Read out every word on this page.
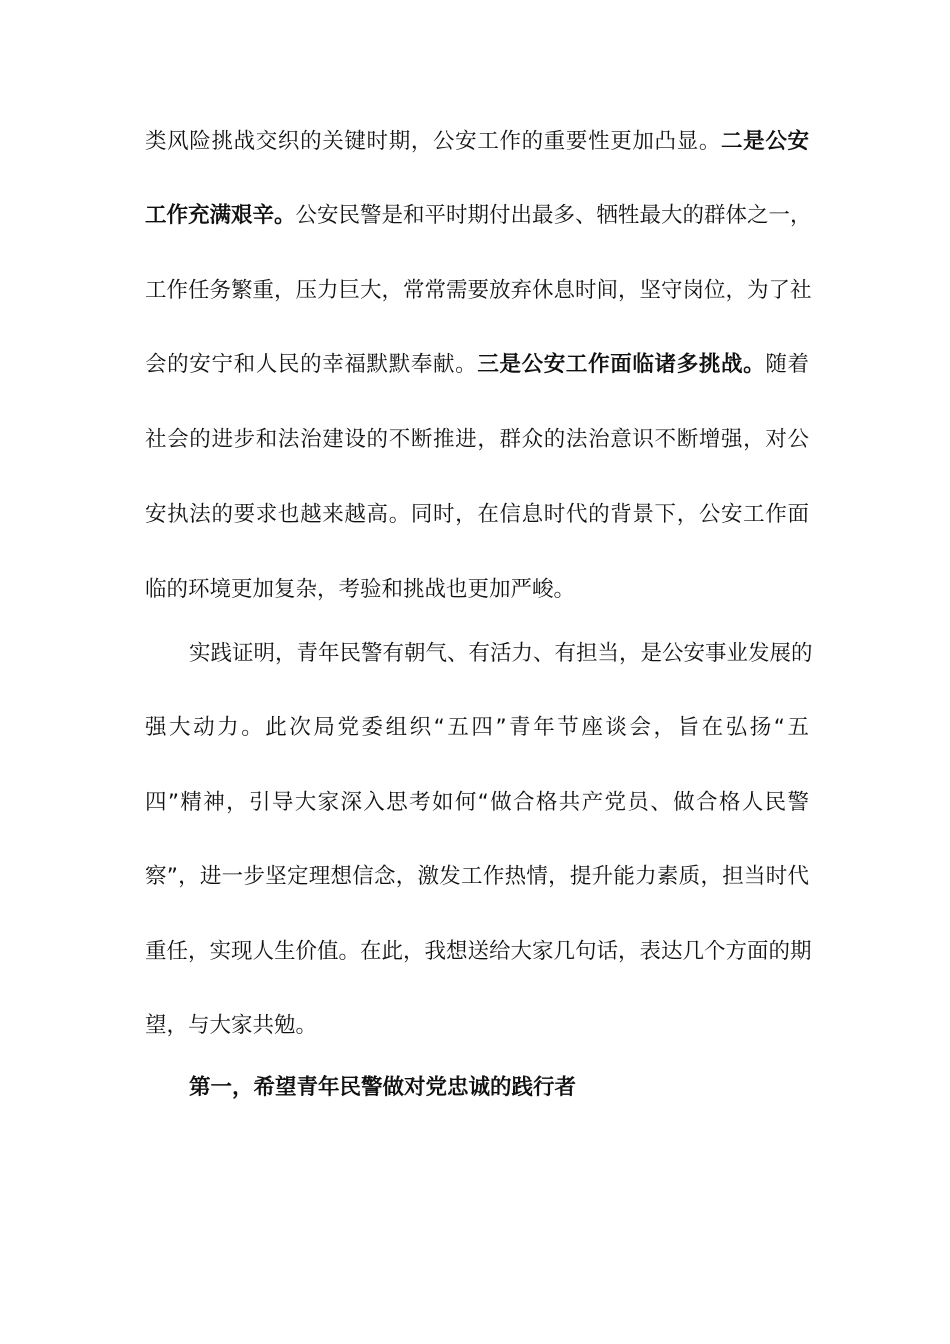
类风险挑战交织的关键时期，公安工作的重要性更加凸显。二是公安
工作充满艰辛。公安民警是和平时期付出最多、牺牲最大的群体之一，
工作任务繁重，压力巨大，常常需要放弃休息时间，坚守岗位，为了社
会的安宁和人民的幸福默默奉献。三是公安工作面临诸多挑战。随着
社会的进步和法治建设的不断推进，群众的法治意识不断增强，对公
安执法的要求也越来越高。同时，在信息时代的背景下，公安工作面
临的环境更加复杂，考验和挑战也更加严峻。
实践证明，青年民警有朝气、有活力、有担当，是公安事业发展的
强大动力。此次局党委组织“五四”青年节座谈会，旨在弘扬“五
四”精神，引导大家深入思考如何“做合格共产党员、做合格人民警
察”，进一步坚定理想信念，激发工作热情，提升能力素质，担当时代
重任，实现人生价值。在此，我想送给大家几句话，表达几个方面的期
望，与大家共勉。
第一，希望青年民警做对党忠诚的践行者
